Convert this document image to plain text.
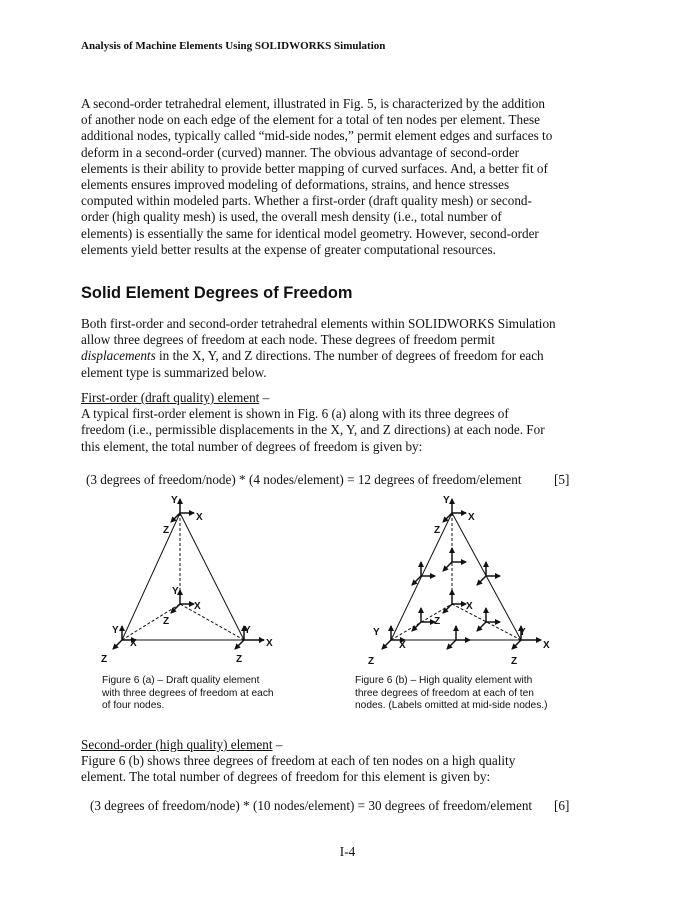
Analysis of Machine Elements Using SOLIDWORKS Simulation
A second-order tetrahedral element, illustrated in Fig. 5, is characterized by the addition
of another node on each edge of the element for a total of ten nodes per element. These
additional nodes, typically called “mid-side nodes,” permit element edges and surfaces to
deform in a second-order (curved) manner. The obvious advantage of second-order
elements is their ability to provide better mapping of curved surfaces. And, a better fit of
elements ensures improved modeling of deformations, strains, and hence stresses
computed within modeled parts. Whether a first-order (draft quality mesh) or second-
order (high quality mesh) is used, the overall mesh density (i.e., total number of
elements) is essentially the same for identical model geometry. However, second-order
elements yield better results at the expense of greater computational resources.
Solid Element Degrees of Freedom
Both first-order and second-order tetrahedral elements within SOLIDWORKS Simulation
allow three degrees of freedom at each node. These degrees of freedom permit
displacements in the X, Y, and Z directions. The number of degrees of freedom for each
element type is summarized below.
First-order (draft quality) element –
A typical first-order element is shown in Fig. 6 (a) along with its three degrees of
freedom (i.e., permissible displacements in the X, Y, and Z directions) at each node. For
this element, the total number of degrees of freedom is given by:
(3 degrees of freedom/node) * (4 nodes/element) = 12 degrees of freedom/element	[5]
Y
X
Z
Y
X
Z
Y
X
Z
Y
X
Z
Y
X
Z
X
Z
Y
X
Z
Y
X
Z
Figure 6 (a) – Draft quality element
with three degrees of freedom at each
of four nodes.
Figure 6 (b) – High quality element with
three degrees of freedom at each of ten
nodes. (Labels omitted at mid-side nodes.)
Second-order (high quality) element –
Figure 6 (b) shows three degrees of freedom at each of ten nodes on a high quality
element. The total number of degrees of freedom for this element is given by:
(3 degrees of freedom/node) * (10 nodes/element) = 30 degrees of freedom/element	[6]
I-4
